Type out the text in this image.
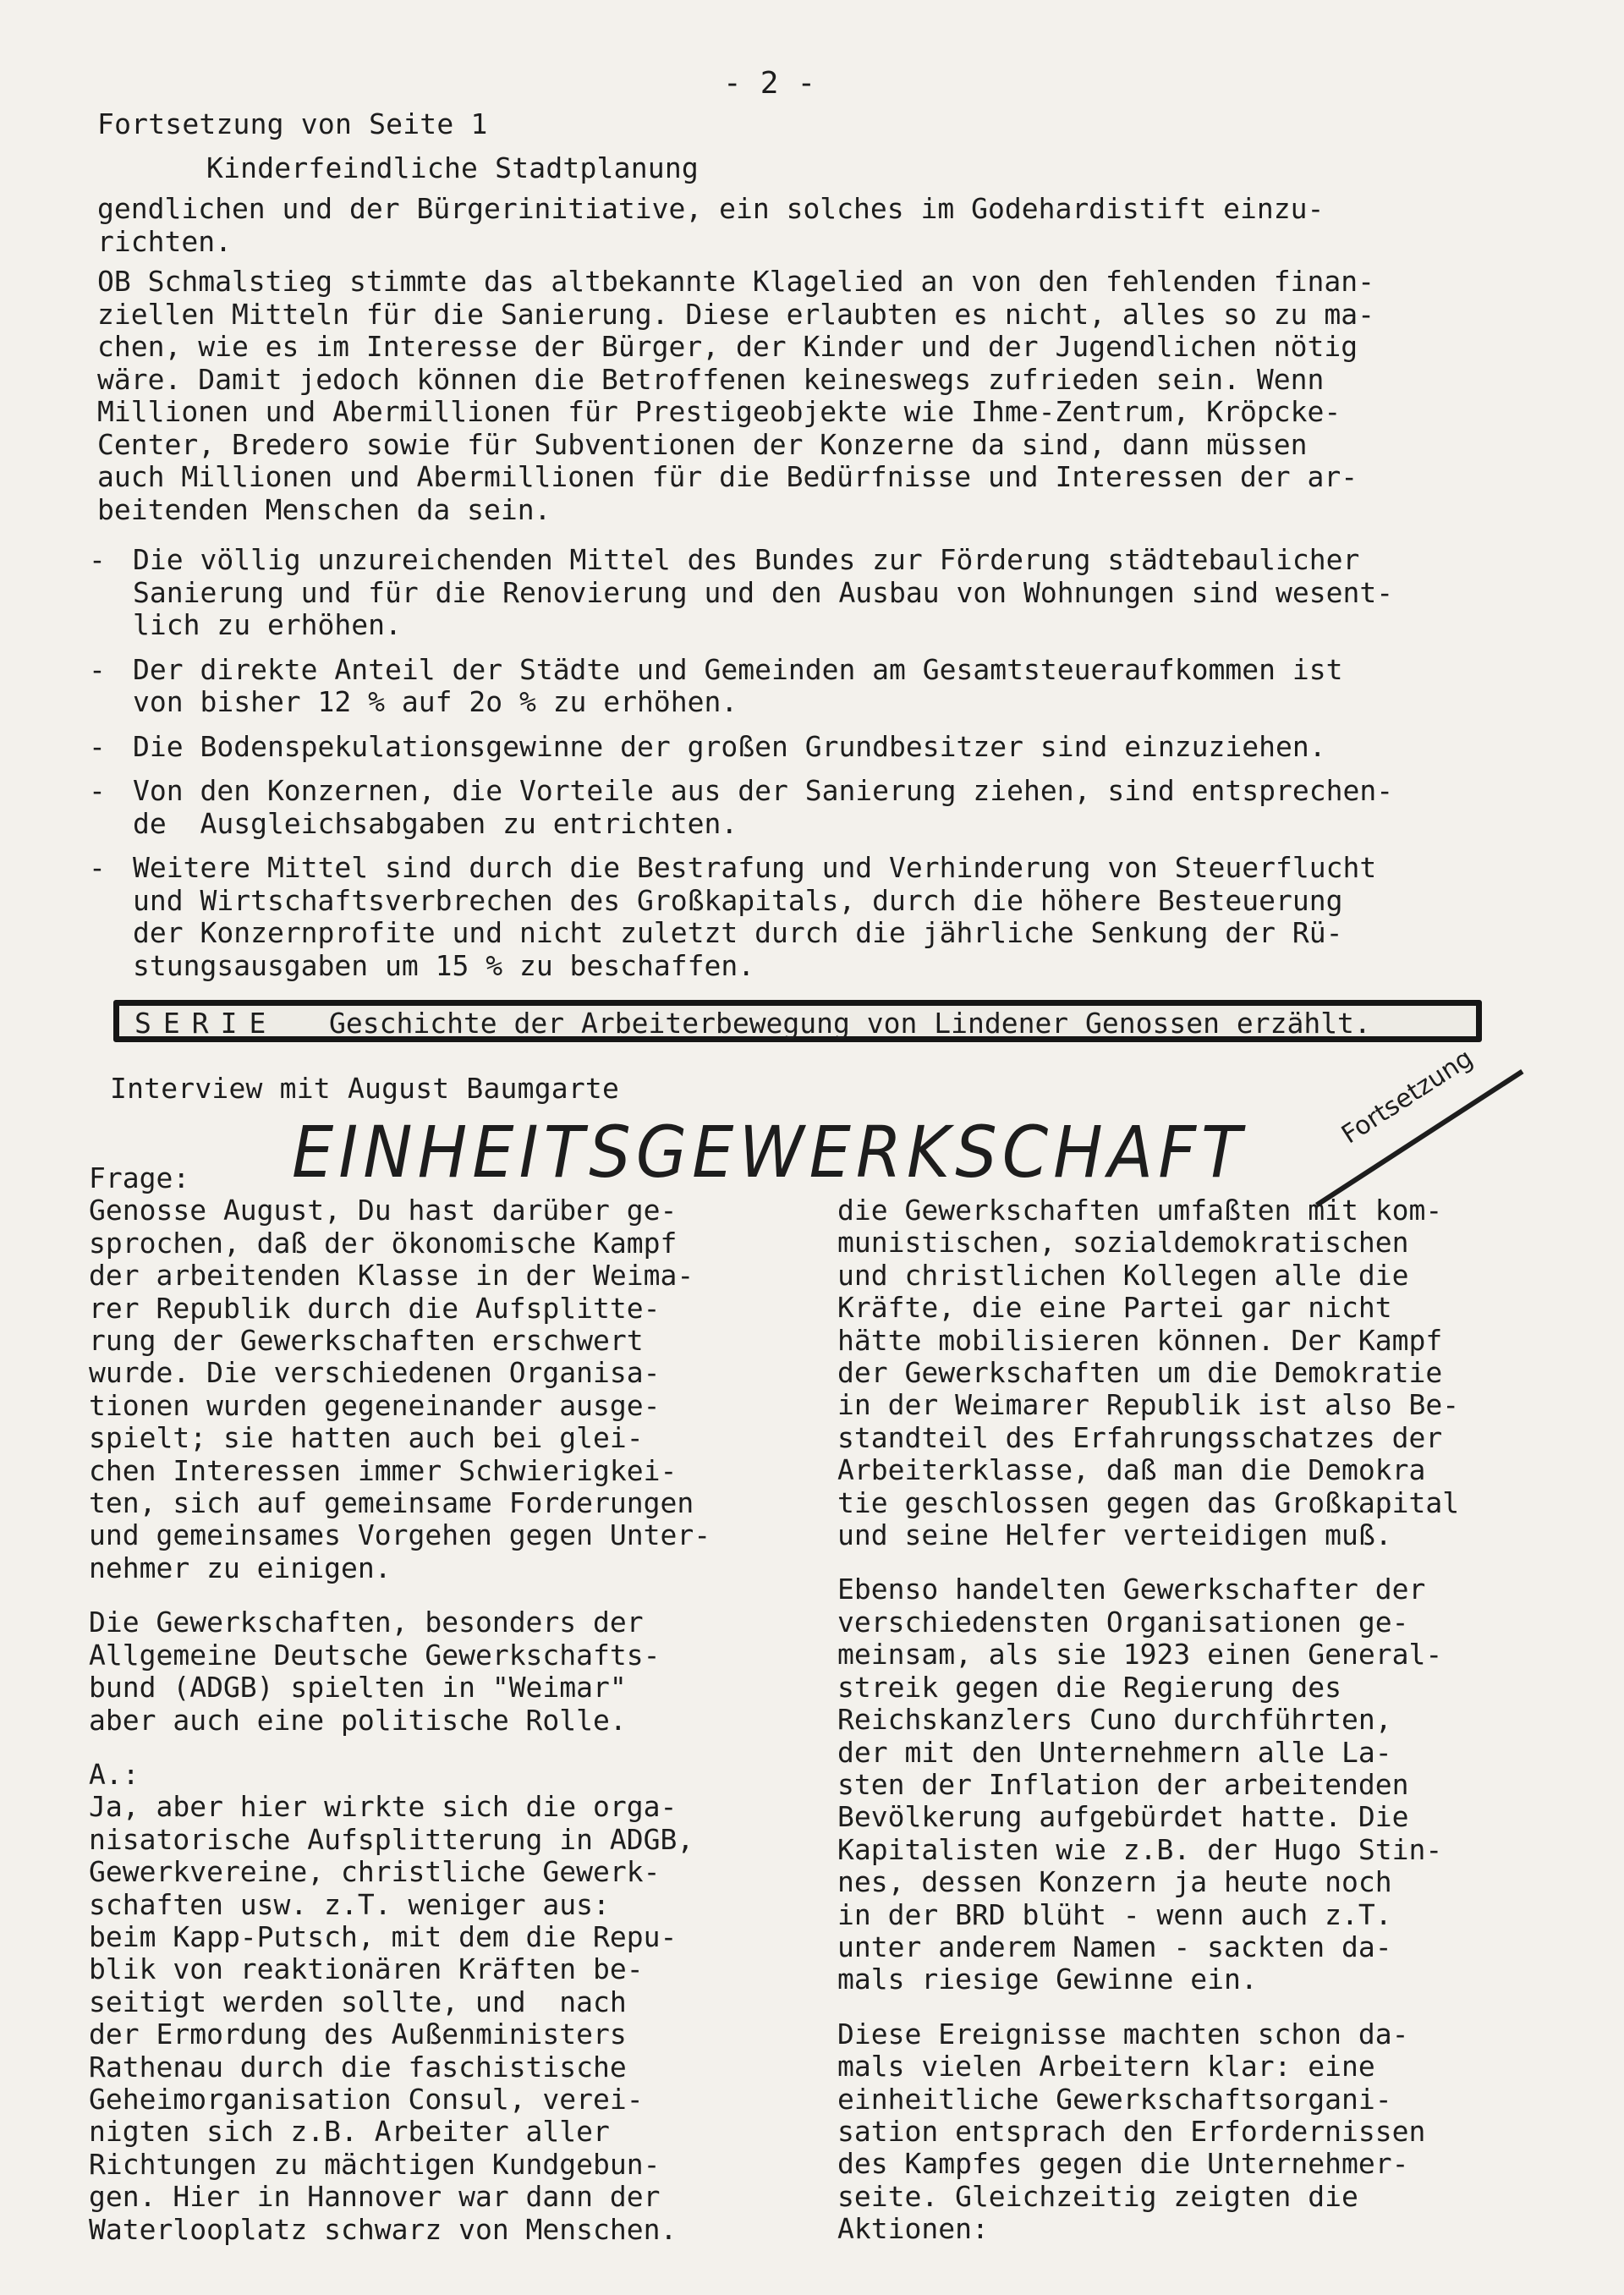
- 2 -
Fortsetzung von Seite 1
Kinderfeindliche Stadtplanung
gendlichen und der Bürgerinitiative, ein solches im Godehardistift einzu-
richten.
OB Schmalstieg stimmte das altbekannte Klagelied an von den fehlenden finan-
ziellen Mitteln für die Sanierung. Diese erlaubten es nicht, alles so zu ma-
chen, wie es im Interesse der Bürger, der Kinder und der Jugendlichen nötig
wäre. Damit jedoch können die Betroffenen keineswegs zufrieden sein. Wenn
Millionen und Abermillionen für Prestigeobjekte wie Ihme-Zentrum, Kröpcke-
Center, Bredero sowie für Subventionen der Konzerne da sind, dann müssen
auch Millionen und Abermillionen für die Bedürfnisse und Interessen der ar-
beitenden Menschen da sein.
- Die völlig unzureichenden Mittel des Bundes zur Förderung städtebaulicher
Sanierung und für die Renovierung und den Ausbau von Wohnungen sind wesent-
lich zu erhöhen.
- Der direkte Anteil der Städte und Gemeinden am Gesamtsteueraufkommen ist
von bisher 12 % auf 2o % zu erhöhen.
- Die Bodenspekulationsgewinne der großen Grundbesitzer sind einzuziehen.
- Von den Konzernen, die Vorteile aus der Sanierung ziehen, sind entsprechen-
de  Ausgleichsabgaben zu entrichten.
- Weitere Mittel sind durch die Bestrafung und Verhinderung von Steuerflucht
und Wirtschaftsverbrechen des Großkapitals, durch die höhere Besteuerung
der Konzernprofite und nicht zuletzt durch die jährliche Senkung der Rü-
stungsausgaben um 15 % zu beschaffen.
SERIE Geschichte der Arbeiterbewegung von Lindener Genossen erzählt.
Interview mit August Baumgarte
EINHEITSGEWERKSCHAFT
Fortsetzung
Frage:
Genosse August, Du hast darüber ge-
sprochen, daß der ökonomische Kampf
der arbeitenden Klasse in der Weima-
rer Republik durch die Aufsplitte-
rung der Gewerkschaften erschwert
wurde. Die verschiedenen Organisa-
tionen wurden gegeneinander ausge-
spielt; sie hatten auch bei glei-
chen Interessen immer Schwierigkei-
ten, sich auf gemeinsame Forderungen
und gemeinsames Vorgehen gegen Unter-
nehmer zu einigen.
Die Gewerkschaften, besonders der
Allgemeine Deutsche Gewerkschafts-
bund (ADGB) spielten in "Weimar"
aber auch eine politische Rolle.
A.:
Ja, aber hier wirkte sich die orga-
nisatorische Aufsplitterung in ADGB,
Gewerkvereine, christliche Gewerk-
schaften usw. z.T. weniger aus:
beim Kapp-Putsch, mit dem die Repu-
blik von reaktionären Kräften be-
seitigt werden sollte, und  nach
der Ermordung des Außenministers
Rathenau durch die faschistische
Geheimorganisation Consul, verei-
nigten sich z.B. Arbeiter aller
Richtungen zu mächtigen Kundgebun-
gen. Hier in Hannover war dann der
Waterlooplatz schwarz von Menschen.
die Gewerkschaften umfaßten mit kom-
munistischen, sozialdemokratischen
und christlichen Kollegen alle die
Kräfte, die eine Partei gar nicht
hätte mobilisieren können. Der Kampf
der Gewerkschaften um die Demokratie
in der Weimarer Republik ist also Be-
standteil des Erfahrungsschatzes der
Arbeiterklasse, daß man die Demokra
tie geschlossen gegen das Großkapital
und seine Helfer verteidigen muß.
Ebenso handelten Gewerkschafter der
verschiedensten Organisationen ge-
meinsam, als sie 1923 einen General-
streik gegen die Regierung des
Reichskanzlers Cuno durchführten,
der mit den Unternehmern alle La-
sten der Inflation der arbeitenden
Bevölkerung aufgebürdet hatte. Die
Kapitalisten wie z.B. der Hugo Stin-
nes, dessen Konzern ja heute noch
in der BRD blüht - wenn auch z.T.
unter anderem Namen - sackten da-
mals riesige Gewinne ein.
Diese Ereignisse machten schon da-
mals vielen Arbeitern klar: eine
einheitliche Gewerkschaftsorgani-
sation entsprach den Erfordernissen
des Kampfes gegen die Unternehmer-
seite. Gleichzeitig zeigten die
Aktionen:
